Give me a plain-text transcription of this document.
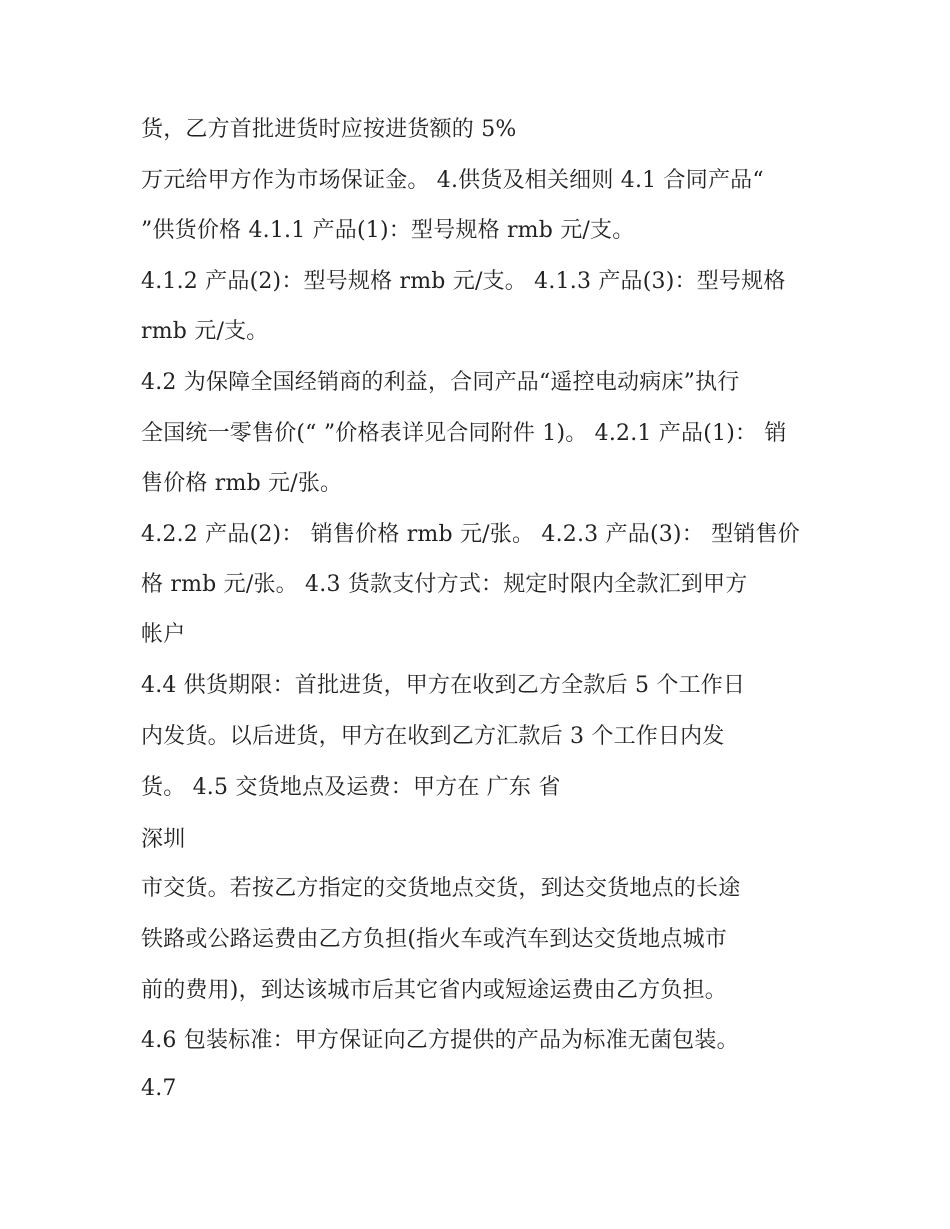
货，乙方首批进货时应按进货额的 5%
万元给甲方作为市场保证金。 4.供货及相关细则 4.1 合同产品“
”供货价格 4.1.1 产品(1)：型号规格 rmb 元/支。
4.1.2 产品(2)：型号规格 rmb 元/支。 4.1.3 产品(3)：型号规格
rmb 元/支。
4.2 为保障全国经销商的利益，合同产品“遥控电动病床”执行
全国统一零售价(“ ”价格表详见合同附件 1)。 4.2.1 产品(1)： 销
售价格 rmb 元/张。
4.2.2 产品(2)： 销售价格 rmb 元/张。 4.2.3 产品(3)： 型销售价
格 rmb 元/张。 4.3 货款支付方式：规定时限内全款汇到甲方
帐户
4.4 供货期限：首批进货，甲方在收到乙方全款后 5 个工作日
内发货。以后进货，甲方在收到乙方汇款后 3 个工作日内发
货。 4.5 交货地点及运费：甲方在 广东 省
深圳
市交货。若按乙方指定的交货地点交货，到达交货地点的长途
铁路或公路运费由乙方负担(指火车或汽车到达交货地点城市
前的费用)，到达该城市后其它省内或短途运费由乙方负担。
4.6 包装标准：甲方保证向乙方提供的产品为标准无菌包装。
4.7
